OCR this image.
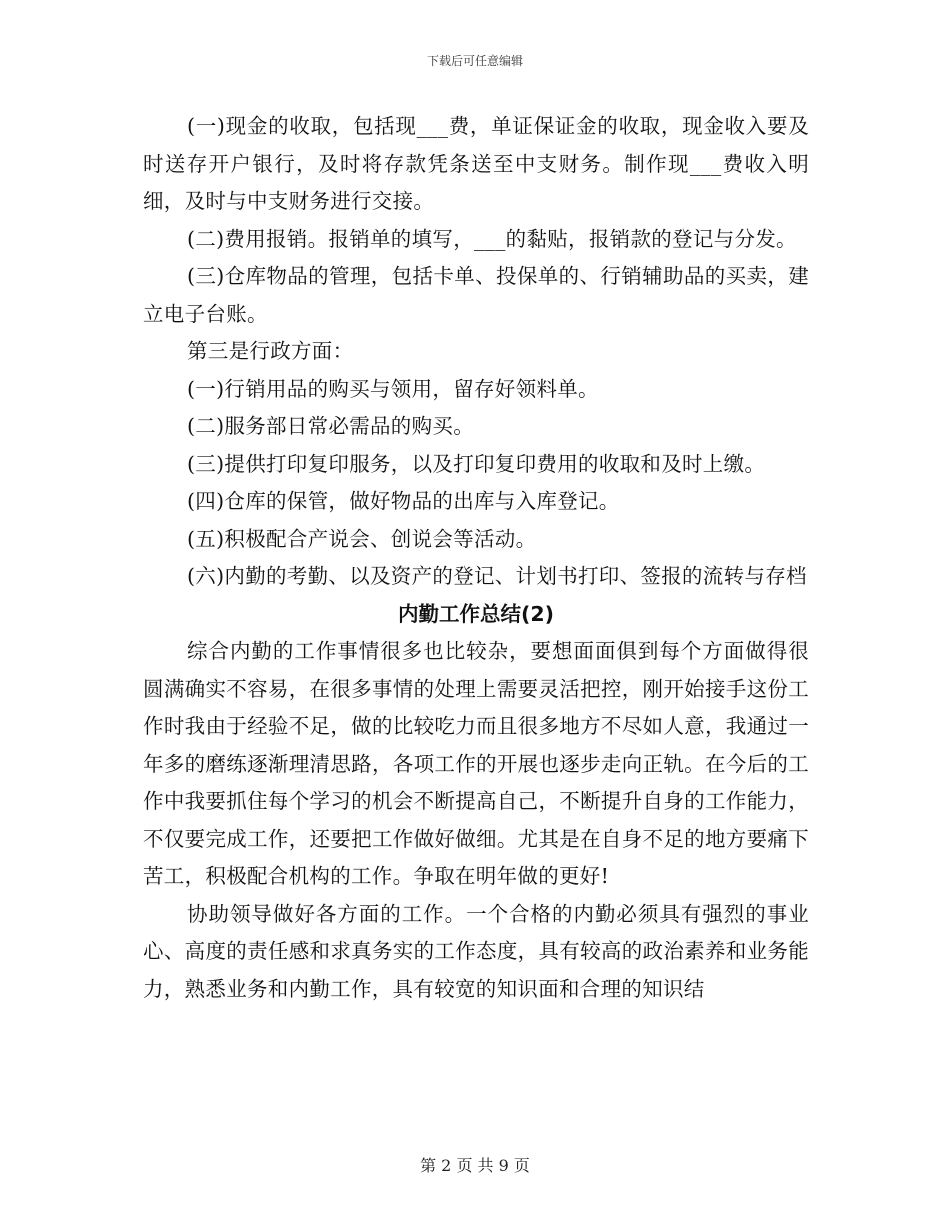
下载后可任意编辑

(一)现金的收取，包括现___费，单证保证金的收取，现金收入要及时送存开户银行，及时将存款凭条送至中支财务。制作现___费收入明细，及时与中支财务进行交接。

(二)费用报销。报销单的填写，___的黏贴，报销款的登记与分发。

(三)仓库物品的管理，包括卡单、投保单的、行销辅助品的买卖，建立电子台账。

第三是行政方面：

(一)行销用品的购买与领用，留存好领料单。

(二)服务部日常必需品的购买。

(三)提供打印复印服务，以及打印复印费用的收取和及时上缴。

(四)仓库的保管，做好物品的出库与入库登记。

(五)积极配合产说会、创说会等活动。

(六)内勤的考勤、以及资产的登记、计划书打印、签报的流转与存档

内勤工作总结(2)

综合内勤的工作事情很多也比较杂，要想面面俱到每个方面做得很圆满确实不容易，在很多事情的处理上需要灵活把控，刚开始接手这份工作时我由于经验不足，做的比较吃力而且很多地方不尽如人意，我通过一年多的磨练逐渐理清思路，各项工作的开展也逐步走向正轨。在今后的工作中我要抓住每个学习的机会不断提高自己，不断提升自身的工作能力，不仅要完成工作，还要把工作做好做细。尤其是在自身不足的地方要痛下苦工，积极配合机构的工作。争取在明年做的更好!

协助领导做好各方面的工作。一个合格的内勤必须具有强烈的事业心、高度的责任感和求真务实的工作态度，具有较高的政治素养和业务能力，熟悉业务和内勤工作，具有较宽的知识面和合理的知识结

第 2 页 共 9 页
